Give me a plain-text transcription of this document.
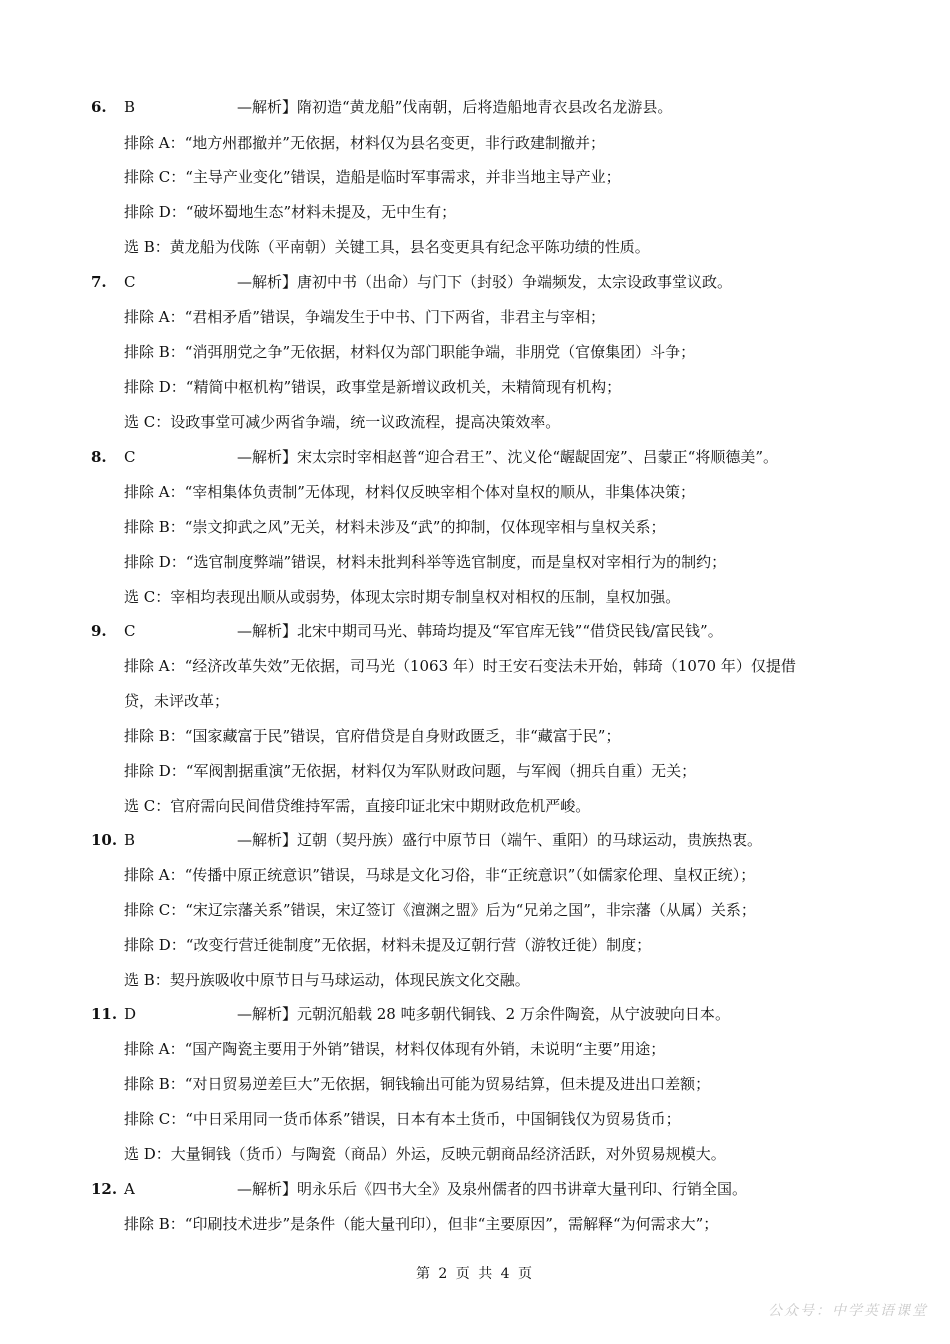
6. B	—解析】隋初造“黄龙船”伐南朝，后将造船地青衣县改名龙游县。
排除 A：“地方州郡撤并”无依据，材料仅为县名变更，非行政建制撤并；
排除 C：“主导产业变化”错误，造船是临时军事需求，并非当地主导产业；
排除 D：“破坏蜀地生态”材料未提及，无中生有；
选 B：黄龙船为伐陈（平南朝）关键工具，县名变更具有纪念平陈功绩的性质。
7. C	—解析】唐初中书（出命）与门下（封驳）争端频发，太宗设政事堂议政。
排除 A：“君相矛盾”错误，争端发生于中书、门下两省，非君主与宰相；
排除 B：“消弭朋党之争”无依据，材料仅为部门职能争端，非朋党（官僚集团）斗争；
排除 D：“精简中枢机构”错误，政事堂是新增议政机关，未精简现有机构；
选 C：设政事堂可减少两省争端，统一议政流程，提高决策效率。
8. C	—解析】宋太宗时宰相赵普“迎合君王”、沈义伦“龌龊固宠”、吕蒙正“将顺德美”。
排除 A：“宰相集体负责制”无体现，材料仅反映宰相个体对皇权的顺从，非集体决策；
排除 B：“崇文抑武之风”无关，材料未涉及“武”的抑制，仅体现宰相与皇权关系；
排除 D：“选官制度弊端”错误，材料未批判科举等选官制度，而是皇权对宰相行为的制约；
选 C：宰相均表现出顺从或弱势，体现太宗时期专制皇权对相权的压制，皇权加强。
9. C	—解析】北宋中期司马光、韩琦均提及“军官库无钱”“借贷民钱/富民钱”。
排除 A：“经济改革失效”无依据，司马光（1063 年）时王安石变法未开始，韩琦（1070 年）仅提借
贷，未评改革；
排除 B：“国家藏富于民”错误，官府借贷是自身财政匮乏，非“藏富于民”；
排除 D：“军阀割据重演”无依据，材料仅为军队财政问题，与军阀（拥兵自重）无关；
选 C：官府需向民间借贷维持军需，直接印证北宋中期财政危机严峻。
10. B	—解析】辽朝（契丹族）盛行中原节日（端午、重阳）的马球运动，贵族热衷。
排除 A：“传播中原正统意识”错误，马球是文化习俗，非“正统意识”（如儒家伦理、皇权正统）；
排除 C：“宋辽宗藩关系”错误，宋辽签订《澶渊之盟》后为“兄弟之国”，非宗藩（从属）关系；
排除 D：“改变行营迁徙制度”无依据，材料未提及辽朝行营（游牧迁徙）制度；
选 B：契丹族吸收中原节日与马球运动，体现民族文化交融。
11. D	—解析】元朝沉船载 28 吨多朝代铜钱、2 万余件陶瓷，从宁波驶向日本。
排除 A：“国产陶瓷主要用于外销”错误，材料仅体现有外销，未说明“主要”用途；
排除 B：“对日贸易逆差巨大”无依据，铜钱输出可能为贸易结算，但未提及进出口差额；
排除 C：“中日采用同一货币体系”错误，日本有本土货币，中国铜钱仅为贸易货币；
选 D：大量铜钱（货币）与陶瓷（商品）外运，反映元朝商品经济活跃，对外贸易规模大。
12. A	—解析】明永乐后《四书大全》及泉州儒者的四书讲章大量刊印、行销全国。
排除 B：“印刷技术进步”是条件（能大量刊印），但非“主要原因”，需解释“为何需求大”；
第 2 页 共 4 页
公众号：中学英语课堂
